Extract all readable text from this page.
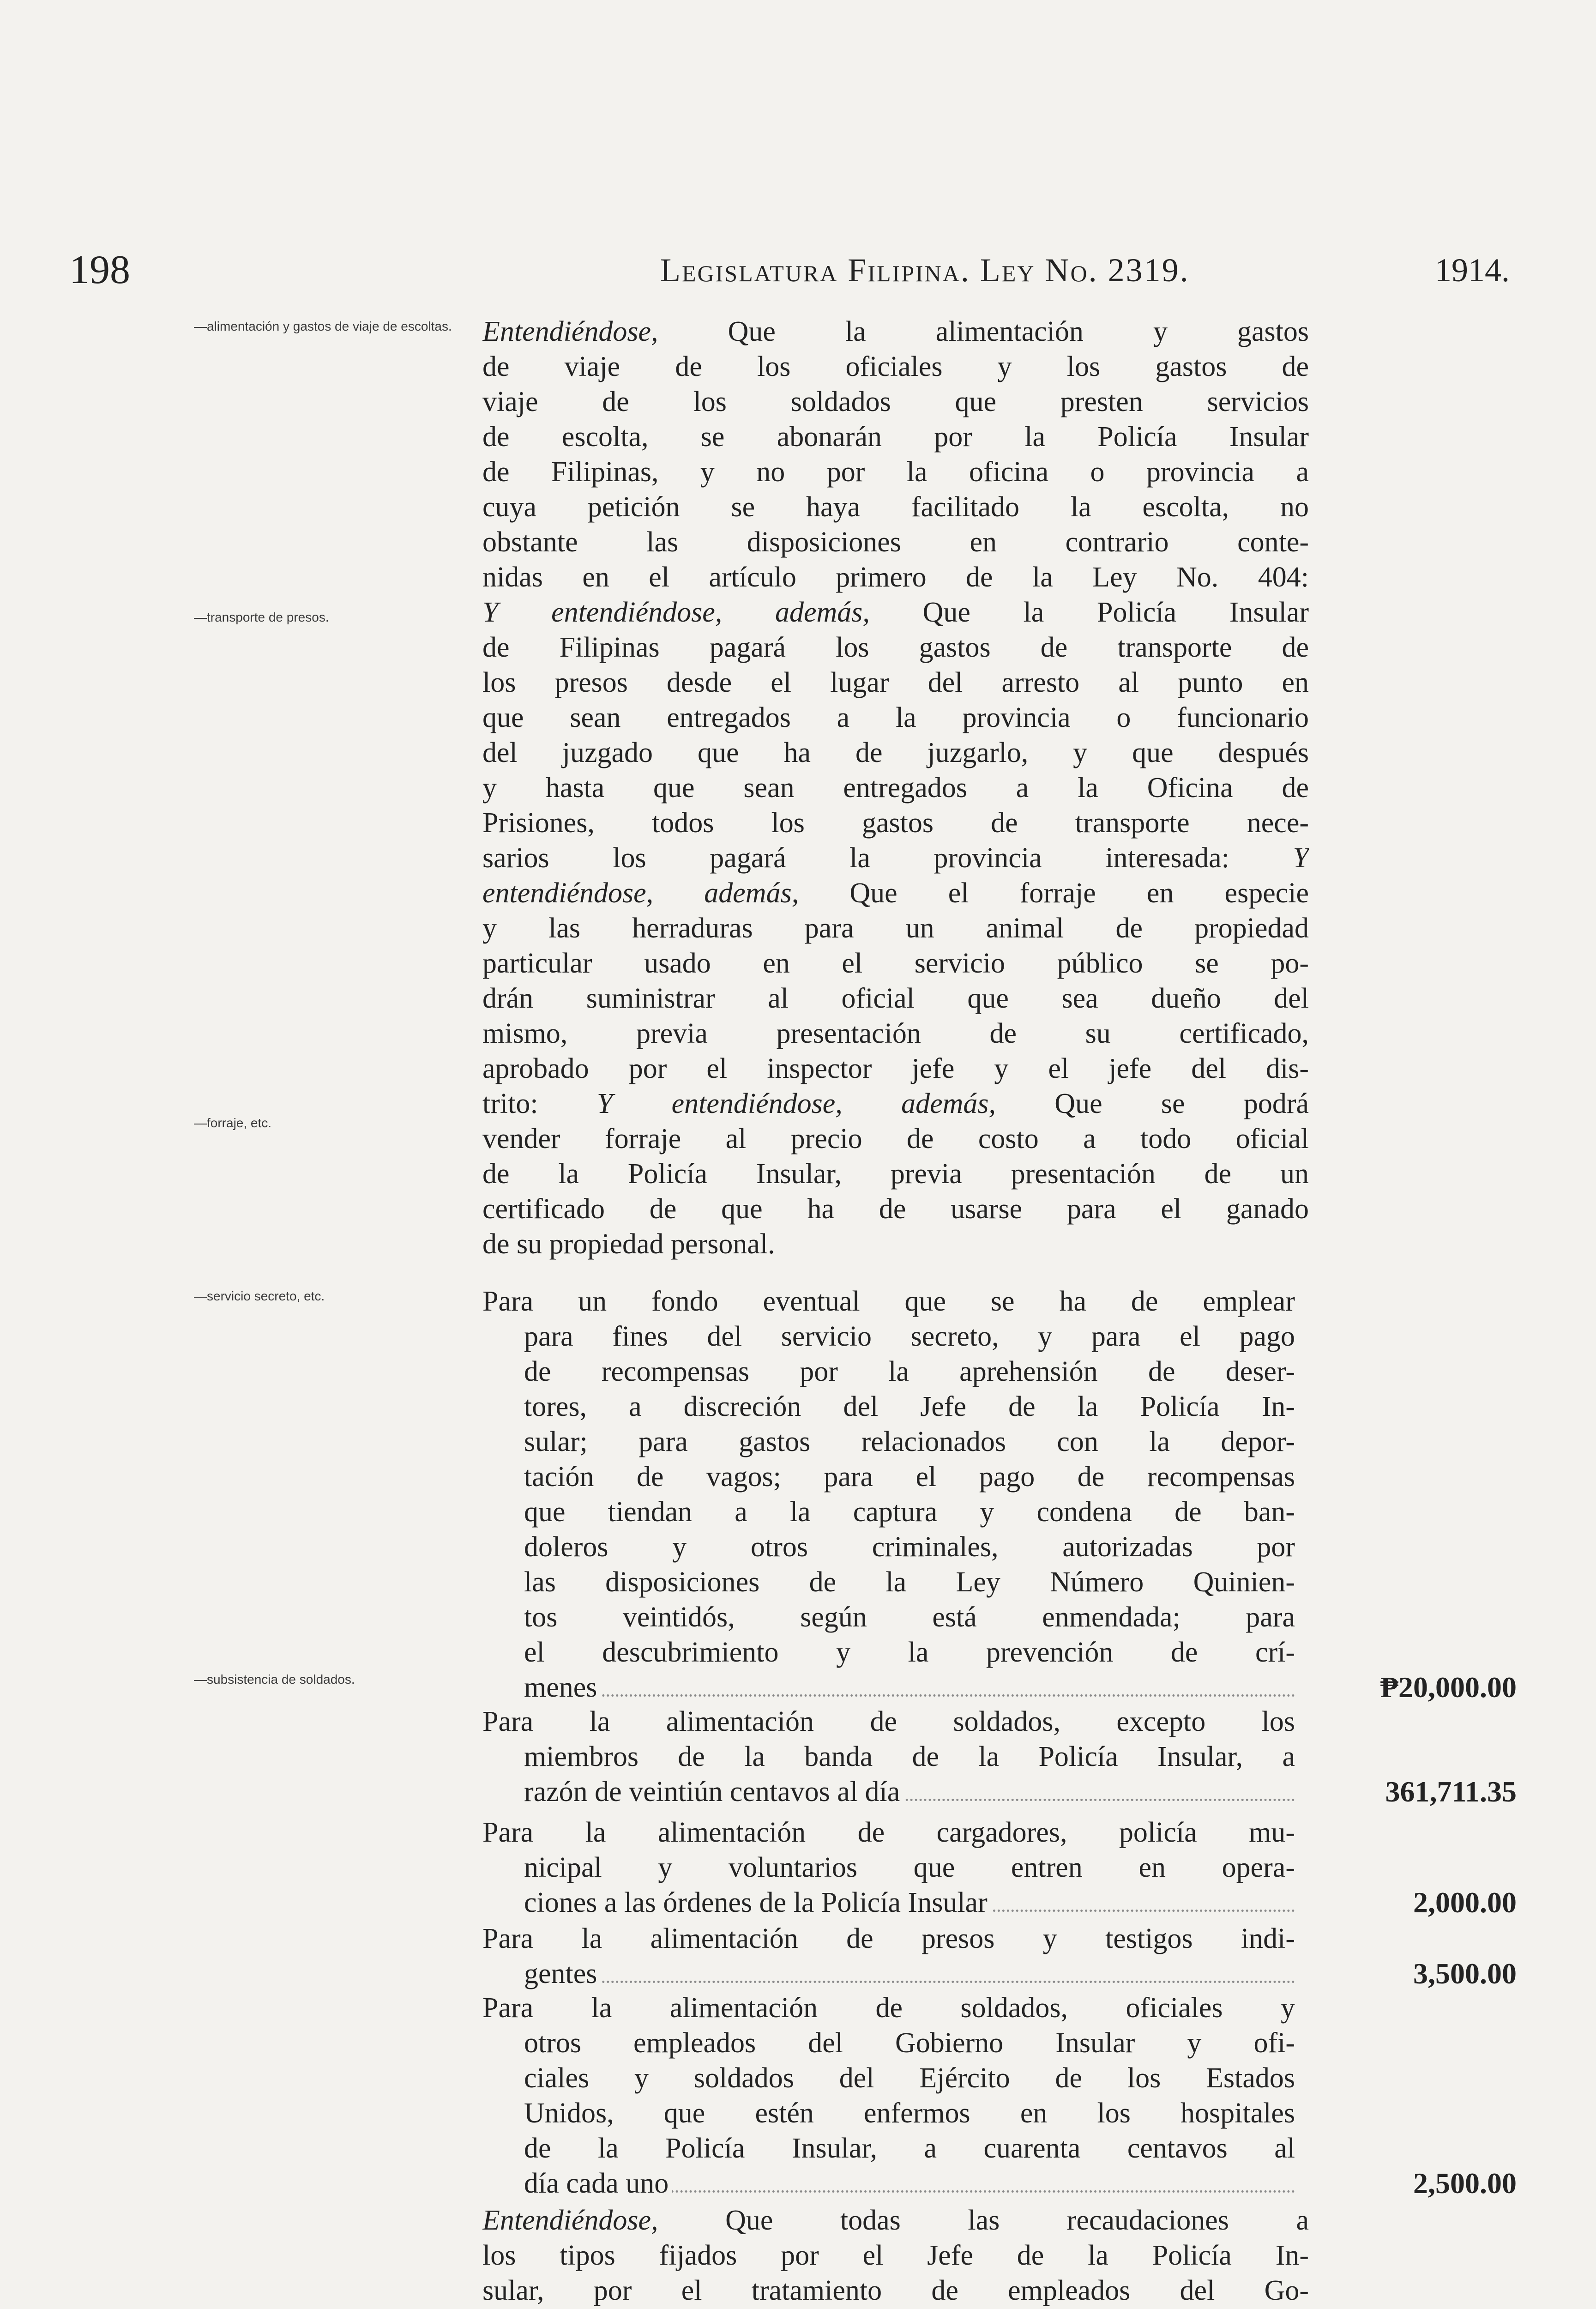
198	Legislatura Filipina. Ley No. 2319.	1914.
—alimentación y gastos de viaje de escoltas.
—transporte de presos.
—forraje, etc.
—servicio secreto, etc.
—subsistencia de soldados.
Entendiéndose, Que la alimentación y gastos
de viaje de los oficiales y los gastos de
viaje de los soldados que presten servicios
de escolta, se abonarán por la Policía Insular
de Filipinas, y no por la oficina o provincia a
cuya petición se haya facilitado la escolta, no
obstante las disposiciones en contrario conte-
nidas en el artículo primero de la Ley No. 404:
Y entendiéndose, además, Que la Policía Insular
de Filipinas pagará los gastos de transporte de
los presos desde el lugar del arresto al punto en
que sean entregados a la provincia o funcionario
del juzgado que ha de juzgarlo, y que después
y hasta que sean entregados a la Oficina de
Prisiones, todos los gastos de transporte nece-
sarios los pagará la provincia interesada: Y
entendiéndose, además, Que el forraje en especie
y las herraduras para un animal de propiedad
particular usado en el servicio público se po-
drán suministrar al oficial que sea dueño del
mismo, previa presentación de su certificado,
aprobado por el inspector jefe y el jefe del dis-
trito: Y entendiéndose, además, Que se podrá
vender forraje al precio de costo a todo oficial
de la Policía Insular, previa presentación de un
certificado de que ha de usarse para el ganado
de su propiedad personal.
Para un fondo eventual que se ha de emplear
para fines del servicio secreto, y para el pago
de recompensas por la aprehensión de deser-
tores, a discreción del Jefe de la Policía In-
sular; para gastos relacionados con la depor-
tación de vagos; para el pago de recompensas
que tiendan a la captura y condena de ban-
doleros y otros criminales, autorizadas por
las disposiciones de la Ley Número Quinien-
tos veintidós, según está enmendada; para
el descubrimiento y la prevención de crí-
menes	₱20,000.00
Para la alimentación de soldados, excepto los
miembros de la banda de la Policía Insular, a
razón de veintiún centavos al día	361,711.35
Para la alimentación de cargadores, policía mu-
nicipal y voluntarios que entren en opera-
ciones a las órdenes de la Policía Insular	2,000.00
Para la alimentación de presos y testigos indi-
gentes	3,500.00
Para la alimentación de soldados, oficiales y
otros empleados del Gobierno Insular y ofi-
ciales y soldados del Ejército de los Estados
Unidos, que estén enfermos en los hospitales
de la Policía Insular, a cuarenta centavos al
día cada uno	2,500.00
Entendiéndose, Que todas las recaudaciones a
los tipos fijados por el Jefe de la Policía In-
sular, por el tratamiento de empleados del Go-
